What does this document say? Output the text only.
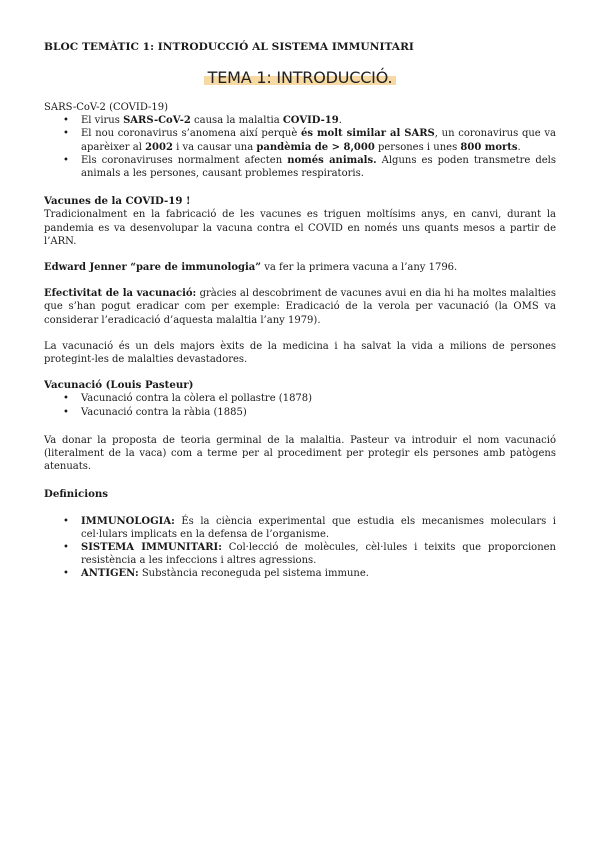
BLOC TEMÀTIC 1: INTRODUCCIÓ AL SISTEMA IMMUNITARI
TEMA 1: INTRODUCCIÓ.

SARS-CoV-2 (COVID-19)

• El virus SARS-CoV-2 causa la malaltia COVID-19.
• El nou coronavirus s’anomena així perquè és molt similar al SARS, un coronavirus que va aparèixer al 2002 i va causar una pandèmia de > 8,000 persones i unes 800 morts.
• Els coronaviruses normalment afecten només animals. Alguns es poden transmetre dels animals a les persones, causant problemes respiratoris.

Vacunes de la COVID-19 !

Tradicionalment en la fabricació de les vacunes es triguen moltísims anys, en canvi, durant la pandemia es va desenvolupar la vacuna contra el COVID en només uns quants mesos a partir de l’ARN.

Edward Jenner “pare de immunologia” va fer la primera vacuna a l’any 1796.

Efectivitat de la vacunació: gràcies al descobriment de vacunes avui en dia hi ha moltes malalties que s’han pogut eradicar com per exemple: Eradicació de la verola per vacunació (la OMS va considerar l’eradicació d’aquesta malaltia l’any 1979).

La vacunació és un dels majors èxits de la medicina i ha salvat la vida a milions de persones protegint-les de malalties devastadores.

Vacunació (Louis Pasteur)

• Vacunació contra la còlera el pollastre (1878)
• Vacunació contra la ràbia (1885)

Va donar la proposta de teoria germinal de la malaltia. Pasteur va introduir el nom vacunació (literalment de la vaca) com a terme per al procediment per protegir els persones amb patògens atenuats.

Definicions

• IMMUNOLOGIA: És la ciència experimental que estudia els mecanismes moleculars i cel·lulars implicats en la defensa de l’organisme.
• SISTEMA IMMUNITARI: Col·lecció de molècules, cèl·lules i teixits que proporcionen resistència a les infeccions i altres agressions.
• ANTIGEN: Substància reconeguda pel sistema immune.
